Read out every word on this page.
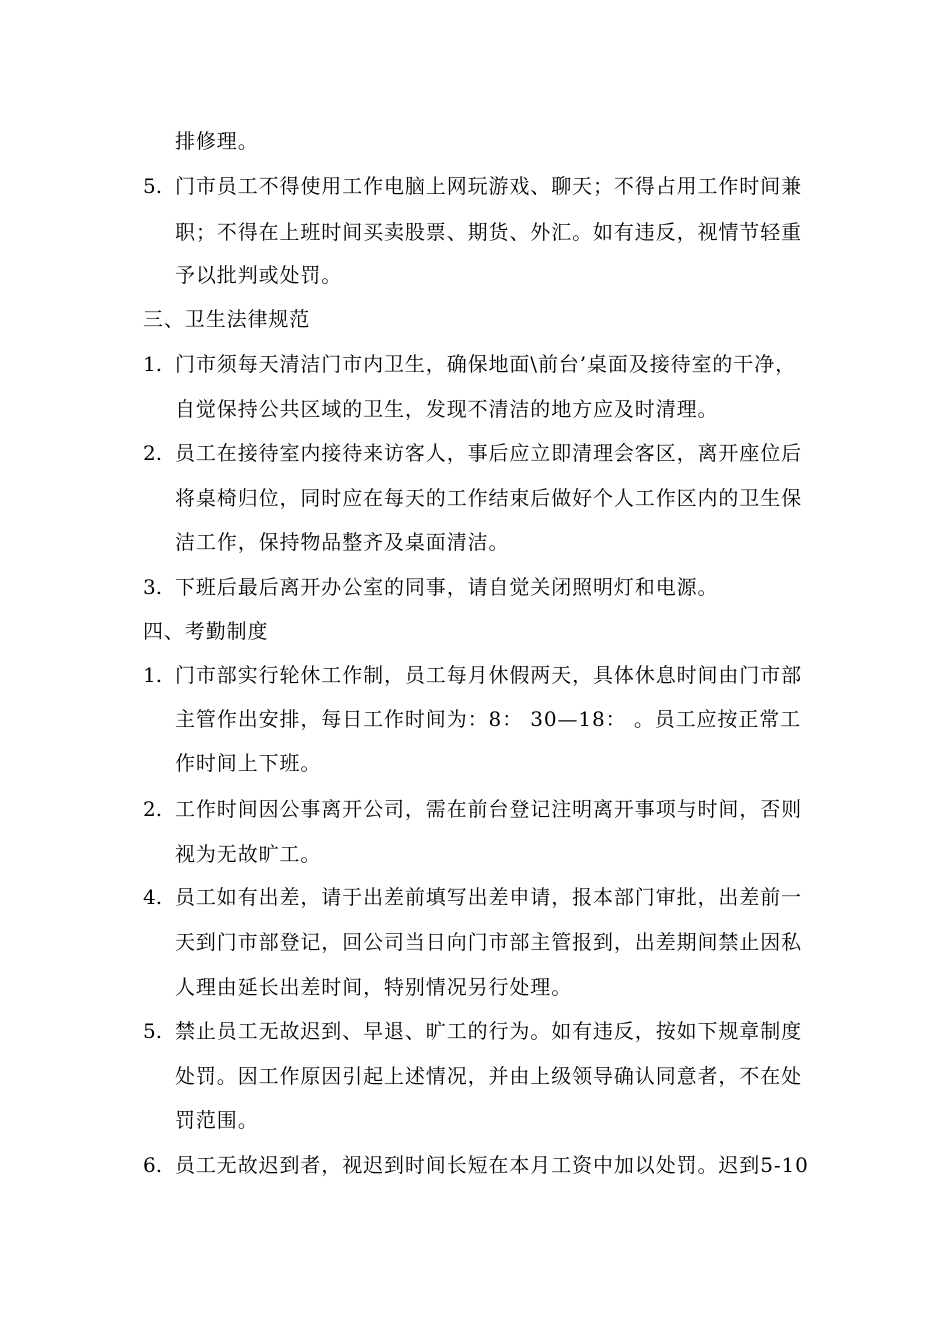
排修理。
5. 门市员工不得使用工作电脑上网玩游戏、聊天；不得占用工作时间兼
职；不得在上班时间买卖股票、期货、外汇。如有违反，视情节轻重
予以批判或处罚。
三、卫生法律规范
1. 门市须每天清洁门市内卫生，确保地面\前台’桌面及接待室的干净，
自觉保持公共区域的卫生，发现不清洁的地方应及时清理。
2. 员工在接待室内接待来访客人，事后应立即清理会客区，离开座位后
将桌椅归位，同时应在每天的工作结束后做好个人工作区内的卫生保
洁工作，保持物品整齐及桌面清洁。
3. 下班后最后离开办公室的同事，请自觉关闭照明灯和电源。
四、考勤制度
1. 门市部实行轮休工作制，员工每月休假两天，具体休息时间由门市部
主管作出安排，每日工作时间为：8： 30—18： 。员工应按正常工
作时间上下班。
2. 工作时间因公事离开公司，需在前台登记注明离开事项与时间，否则
视为无故旷工。
4. 员工如有出差，请于出差前填写出差申请，报本部门审批，出差前一
天到门市部登记，回公司当日向门市部主管报到，出差期间禁止因私
人理由延长出差时间，特别情况另行处理。
5. 禁止员工无故迟到、早退、旷工的行为。如有违反，按如下规章制度
处罚。因工作原因引起上述情况，并由上级领导确认同意者，不在处
罚范围。
6. 员工无故迟到者，视迟到时间长短在本月工资中加以处罚。迟到5-10
